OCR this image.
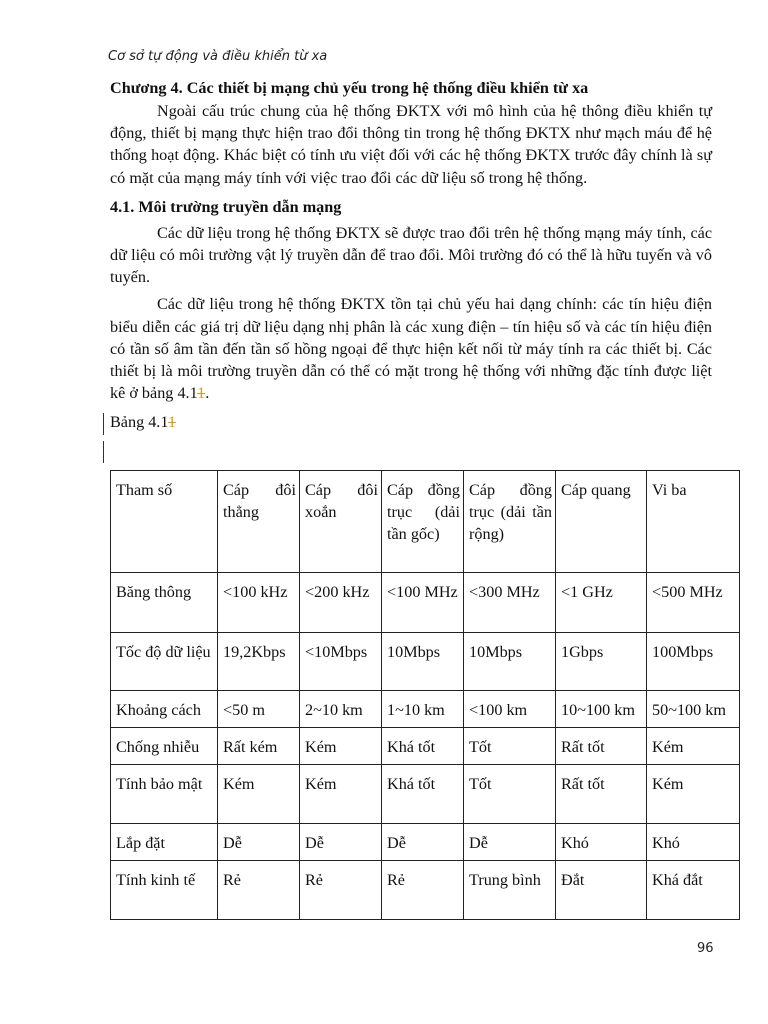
Cơ sở tự động và điều khiển từ xa
Chương 4. Các thiết bị mạng chủ yếu trong hệ thống điều khiển từ xa

Ngoài cấu trúc chung của hệ thống ĐKTX với mô hình của hệ thông điều khiển tự động, thiết bị mạng thực hiện trao đổi thông tin trong hệ thống ĐKTX như mạch máu để hệ thống hoạt động. Khác biệt có tính ưu việt đối với các hệ thống ĐKTX trước đây chính là sự có mặt của mạng máy tính với việc trao đổi các dữ liệu số trong hệ thống.

4.1. Môi trường truyền dẫn mạng

Các dữ liệu trong hệ thống ĐKTX sẽ được trao đổi trên hệ thống mạng máy tính, các dữ liệu có môi trường vật lý truyền dẫn để trao đổi. Môi trường đó có thể là hữu tuyến và vô tuyến.

Các dữ liệu trong hệ thống ĐKTX tồn tại chủ yếu hai dạng chính: các tín hiệu điện biểu diễn các giá trị dữ liệu dạng nhị phân là các xung điện – tín hiệu số và các tín hiệu điện có tần số âm tần đến tần số hồng ngoại để thực hiện kết nối từ máy tính ra các thiết bị. Các thiết bị là môi trường truyền dẫn có thể có mặt trong hệ thống với những đặc tính được liệt kê ở bảng 4.11.

Bảng 4.11
Tham số	Cáp đôi thẳng	Cáp đôi xoắn	Cáp đồng trục (dải tần gốc)	Cáp đồng trục (dải tần rộng)	Cáp quang	Vi ba
Băng thông	<100 kHz	<200 kHz	<100 MHz	<300 MHz	<1 GHz	<500 MHz
Tốc độ dữ liệu	19,2Kbps	<10Mbps	10Mbps	10Mbps	1Gbps	100Mbps
Khoảng cách	<50 m	2~10 km	1~10 km	<100 km	10~100 km	50~100 km
Chống nhiễu	Rất kém	Kém	Khá tốt	Tốt	Rất tốt	Kém
Tính bảo mật	Kém	Kém	Khá tốt	Tốt	Rất tốt	Kém
Lắp đặt	Dễ	Dễ	Dễ	Dễ	Khó	Khó
Tính kinh tế	Rẻ	Rẻ	Rẻ	Trung bình	Đắt	Khá đắt
96
